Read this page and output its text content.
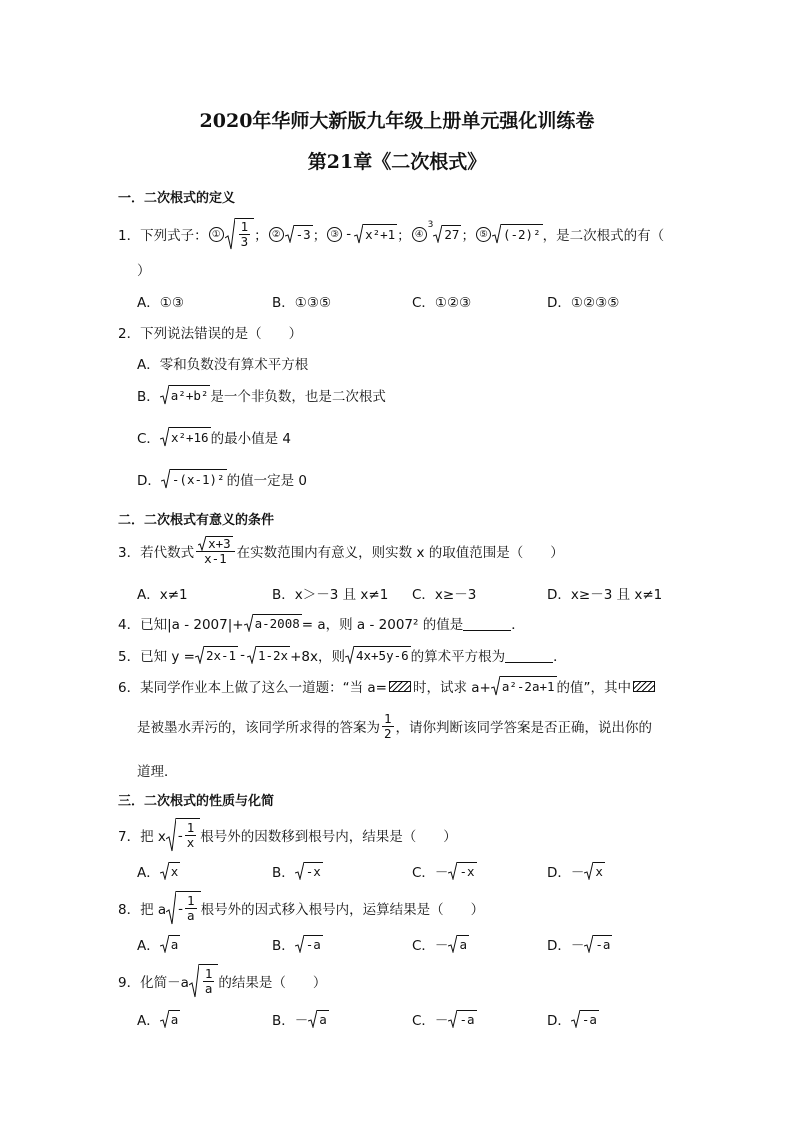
2020年华师大新版九年级上册单元强化训练卷
第21章《二次根式》
一．二次根式的定义
1． 下列式子： ① $\frac{1}{3}$ ； ② -3 ； ③ - x²+1 ； ④
3
27 ； ⑤ (-2)² ，是二次根式的有（
）
A．①③	B．①③⑤	C．①②③	D．①②③⑤
2． 下列说法错误的是（　　）
A．零和负数没有算术平方根
B． a²+b² 是一个非负数，也是二次根式
C． x²+16 的最小值是 4
D． -(x-1)² 的值一定是 0
二．二次根式有意义的条件
3． 若代数式 $\frac{x+3}{x-1}$ 在实数范围内有意义，则实数 x 的取值范围是（　　）
A．x≠1	B．x＞－3 且 x≠1 C．x≥－3	D．x≥－3 且 x≠1
4． 已知|a - 2007|+ a-2008 = a，则 a - 2007² 的值是	．
5． 已知 y = 2x-1 - 1-2x +8x，则 4x+5y-6 的算术平方根为	．
6． 某同学作业本上做了这么一道题：“当 a= 时，试求 a+ a²-2a+1 的值”，其中
是被墨水弄污的，该同学所求得的答案为 $\frac{1}{2}$ ，请你判断该同学答案是否正确，说出你的
道理．
三．二次根式的性质与化简
7． 把 x - $\frac{1}{x}$ 根号外的因数移到根号内，结果是（　　）
A． x	B． -x	C．－ -x	D．－ x
8． 把 a - $\frac{1}{a}$ 根号外的因式移入根号内，运算结果是（　　）
A． a	B． -a	C．－ a	D．－ -a
9． 化简$-a \frac{1}{a}$ 的结果是（　　）
A． a	B．－ a	C．－ -a	D． -a
